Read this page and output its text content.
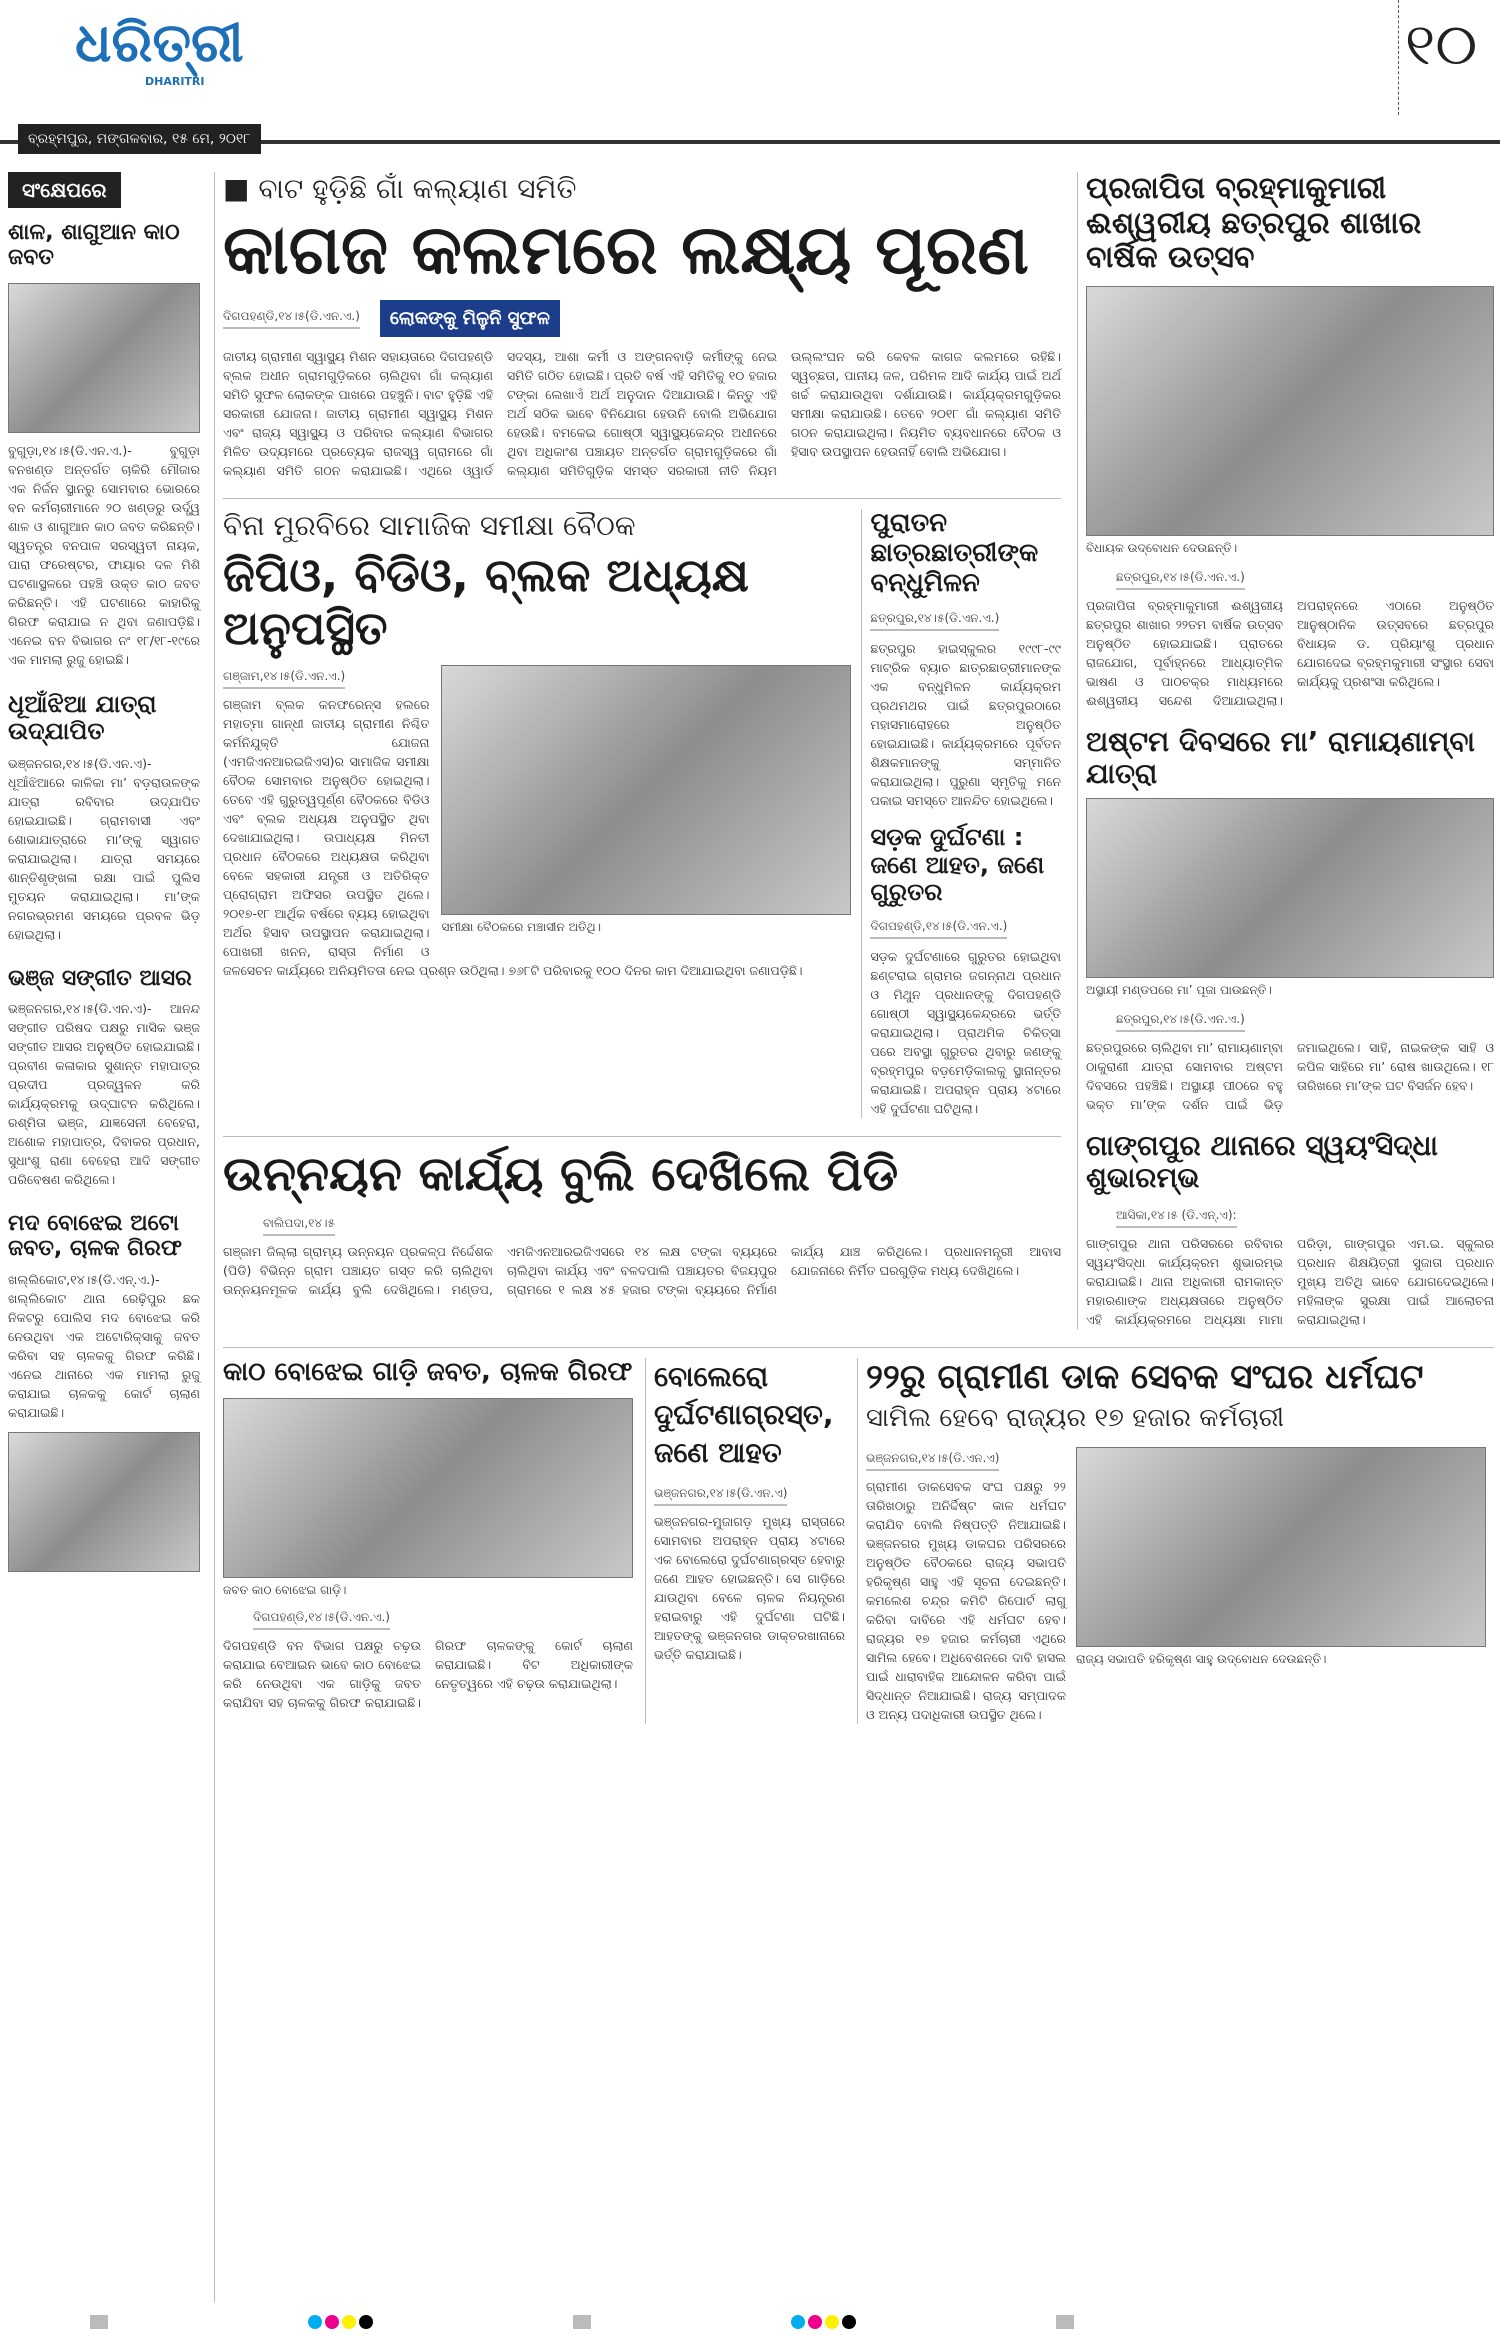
ଧରିତ୍ରୀ
DHARITRI
ବ୍ରହ୍ମପୁର, ମଙ୍ଗଳବାର, ୧୫ ମେ, ୨୦୧୮
୧୦
ସଂକ୍ଷେପରେ
ଶାଳ, ଶାଗୁଆନ କାଠ ଜବତ
ବୁଗୁଡ଼ା,୧୪।୫(ଡି.ଏନ.ଏ.)- ବୁଗୁଡ଼ା ବନଖଣ୍ଡ ଅନ୍ତର୍ଗତ ଚାକିରି ମୌଜାର ଏକ ନିର୍ଜନ ସ୍ଥାନରୁ ସୋମବାର ଭୋରରେ ବନ କର୍ମଚାରୀମାନେ ୨୦ ଖଣ୍ଡରୁ ଉର୍ଦ୍ଧ୍ୱ ଶାଳ ଓ ଶାଗୁଆନ କାଠ ଜବତ କରିଛନ୍ତି। ସ୍ୱତନ୍ତ୍ର ବନପାଳ ସରସ୍ୱତୀ ନାୟକ, ପାରା ଫରେଷ୍ଟର, ଫାୟାର ଦଳ ମିଶି ଘଟଣାସ୍ଥଳରେ ପହଞ୍ଚି ଉକ୍ତ କାଠ ଜବତ କରିଛନ୍ତି। ଏହି ଘଟଣାରେ କାହାରିକୁ ଗିରଫ କରାଯାଇ ନ ଥିବା ଜଣାପଡ଼ିଛି। ଏନେଇ ବନ ବିଭାଗର ନଂ ୧୮/୧୮-୧୯ରେ ଏକ ମାମଲା ରୁଜୁ ହୋଇଛି।
ଧୂଆଁଝିଆ ଯାତ୍ରା ଉଦ୍‌ଯାପିତ
ଭଞ୍ଜନଗର,୧୪।୫(ଡି.ଏନ.ଏ)- ଧୂଆଁଝିଆରେ କାଳିକା ମା’ ବଡ଼ରାଉଳଙ୍କ ଯାତ୍ରା ରବିବାର ଉଦ୍‌ଯାପିତ ହୋଇଯାଇଛି। ଗ୍ରାମବାସୀ ଏବଂ ଶୋଭାଯାତ୍ରାରେ ମା’ଙ୍କୁ ସ୍ୱାଗତ କରାଯାଇଥିଲା। ଯାତ୍ରା ସମୟରେ ଶାନ୍ତିଶୃଙ୍ଖଳା ରକ୍ଷା ପାଇଁ ପୁଲିସ ମୁତୟନ କରାଯାଇଥିଲା। ମା’ଙ୍କ ନଗରଭ୍ରମଣ ସମୟରେ ପ୍ରବଳ ଭିଡ଼ ହୋଇଥିଲା।
ଭଞ୍ଜ ସଙ୍ଗୀତ ଆସର
ଭଞ୍ଜନଗର,୧୪।୫(ଡି.ଏନ.ଏ)- ଆନନ୍ଦ ସଙ୍ଗୀତ ପରିଷଦ ପକ୍ଷରୁ ମାସିକ ଭଞ୍ଜ ସଙ୍ଗୀତ ଆସର ଅନୁଷ୍ଠିତ ହୋଇଯାଇଛି। ପ୍ରବୀଣ କଳାକାର ସୁଶାନ୍ତ ମହାପାତ୍ର ପ୍ରଦୀପ ପ୍ରଜ୍ୱଳନ କରି କାର୍ଯ୍ୟକ୍ରମକୁ ଉଦ୍‌ଘାଟନ କରିଥିଲେ। ରଶ୍ମିତା ଭଞ୍ଜ, ଯାଜ୍ଞସେନୀ ବେହେରା, ଅଶୋକ ମହାପାତ୍ର, ଦିବାକର ପ୍ରଧାନ, ସୁଧାଂଶୁ ରାଣା ବେହେରା ଆଦି ସଙ୍ଗୀତ ପରିବେଷଣ କରିଥିଲେ।
ମଦ ବୋଝେଇ ଅଟୋ ଜବତ, ଚାଳକ ଗିରଫ
ଖଲ୍ଲିକୋଟ,୧୪।୫(ଡି.ଏନ୍.ଏ.)- ଖଲ୍ଲିକୋଟ ଥାନା ରେଢ଼ିପୁର ଛକ ନିକଟରୁ ପୋଲିସ ମଦ ବୋଝେଇ କରି ନେଉଥିବା ଏକ ଅଟୋରିକ୍ସାକୁ ଜବତ କରିବା ସହ ଚାଳକକୁ ଗିରଫ କରିଛି। ଏନେଇ ଥାନାରେ ଏକ ମାମଲା ରୁଜୁ କରାଯାଇ ଚାଳକକୁ କୋର୍ଟ ଚାଲାଣ କରାଯାଇଛି।
■ ବାଟ ହୁଡ଼ିଛି ଗାଁ କଲ୍ୟାଣ ସମିତି
କାଗଜ କଲମରେ ଲକ୍ଷ୍ୟ ପୂରଣ
ଦିଗପହଣ୍ଡି,୧୪।୫(ଡି.ଏନ.ଏ.)	ଲୋକଙ୍କୁ ମିଳୁନି ସୁଫଳ
ଜାତୀୟ ଗ୍ରାମୀଣ ସ୍ୱାସ୍ଥ୍ୟ ମିଶନ ସହାୟତାରେ ଦିଗପହଣ୍ଡି ବ୍ଲକ ଅଧୀନ ଗ୍ରାମଗୁଡ଼ିକରେ ଚାଲିଥିବା ଗାଁ କଲ୍ୟାଣ ସମିତି ସୁଫଳ ଲୋକଙ୍କ ପାଖରେ ପହଞ୍ଚୁନି। ବାଟ ହୁଡ଼ିଛି ଏହି ସରକାରୀ ଯୋଜନା। ଜାତୀୟ ଗ୍ରାମୀଣ ସ୍ୱାସ୍ଥ୍ୟ ମିଶନ ଏବଂ ରାଜ୍ୟ ସ୍ୱାସ୍ଥ୍ୟ ଓ ପରିବାର କଲ୍ୟାଣ ବିଭାଗର ମିଳିତ ଉଦ୍ୟମରେ ପ୍ରତ୍ୟେକ ରାଜସ୍ୱ ଗ୍ରାମରେ ଗାଁ କଲ୍ୟାଣ ସମିତି ଗଠନ କରାଯାଇଛି। ଏଥିରେ ଓ୍ୱାର୍ଡ ସଦସ୍ୟ, ଆଶା କର୍ମୀ ଓ ଅଙ୍ଗନବାଡ଼ି କର୍ମୀଙ୍କୁ ନେଇ ସମିତି ଗଠିତ ହୋଇଛି। ପ୍ରତି ବର୍ଷ ଏହି ସମିତିକୁ ୧୦ ହଜାର ଟଙ୍କା ଲେଖାଏଁ ଅର୍ଥ ଅନୁଦାନ ଦିଆଯାଉଛି। କିନ୍ତୁ ଏହି ଅର୍ଥ ସଠିକ ଭାବେ ବିନିଯୋଗ ହେଉନି ବୋଲି ଅଭିଯୋଗ ହେଉଛି। ବମକେଇ ଗୋଷ୍ଠୀ ସ୍ୱାସ୍ଥ୍ୟକେନ୍ଦ୍ର ଅଧୀନରେ ଥିବା ଅଧିକାଂଶ ପଞ୍ଚାୟତ ଅନ୍ତର୍ଗତ ଗ୍ରାମଗୁଡ଼ିକରେ ଗାଁ କଲ୍ୟାଣ ସମିତିଗୁଡ଼ିକ ସମସ୍ତ ସରକାରୀ ନୀତି ନିୟମ ଉଲ୍ଲଂଘନ କରି କେବଳ କାଗଜ କଲମରେ ରହିଛି। ସ୍ୱଚ୍ଛତା, ପାନୀୟ ଜଳ, ପରିମଳ ଆଦି କାର୍ଯ୍ୟ ପାଇଁ ଅର୍ଥ ଖର୍ଚ୍ଚ କରାଯାଉଥିବା ଦର୍ଶାଯାଉଛି। କାର୍ଯ୍ୟକ୍ରମଗୁଡ଼ିକର ସମୀକ୍ଷା କରାଯାଉଛି। ତେବେ ୨୦୧୮ ଗାଁ କଲ୍ୟାଣ ସମିତି ଗଠନ କରାଯାଇଥିଲା। ନିୟମିତ ବ୍ୟବଧାନରେ ବୈଠକ ଓ ହିସାବ ଉପସ୍ଥାପନ ହେଉନାହିଁ ବୋଲି ଅଭିଯୋଗ।
ବିନା ମୁରବିରେ ସାମାଜିକ ସମୀକ୍ଷା ବୈଠକ
ଜିପିଓ, ବିଡିଓ, ବ୍ଲକ ଅଧ୍ୟକ୍ଷ ଅନୁପସ୍ଥିତ
ସମୀକ୍ଷା ବୈଠକରେ ମଞ୍ଚାସୀନ ଅତିଥି।
ଗଞ୍ଜାମ,୧୪।୫(ଡି.ଏନ.ଏ.)
ଗଞ୍ଜାମ ବ୍ଲକ କନଫରେନ୍ସ ହଲରେ ମହାତ୍ମା ଗାନ୍ଧୀ ଜାତୀୟ ଗ୍ରାମୀଣ ନିଶ୍ଚିତ କର୍ମନିଯୁକ୍ତି ଯୋଜନା (ଏମଜିଏନଆରଇଜିଏସ)ର ସାମାଜିକ ସମୀକ୍ଷା ବୈଠକ ସୋମବାର ଅନୁଷ୍ଠିତ ହୋଇଥିଲା। ତେବେ ଏହି ଗୁରୁତ୍ୱପୂର୍ଣ୍ଣ ବୈଠକରେ ବିଡିଓ ଏବଂ ବ୍ଲକ ଅଧ୍ୟକ୍ଷ ଅନୁପସ୍ଥିତ ଥିବା ଦେଖାଯାଇଥିଲା। ଉପାଧ୍ୟକ୍ଷ ମିନତୀ ପ୍ରଧାନ ବୈଠକରେ ଅଧ୍ୟକ୍ଷତା କରିଥିବା ବେଳେ ସହକାରୀ ଯନ୍ତ୍ରୀ ଓ ଅତିରିକ୍ତ ପ୍ରୋଗ୍ରାମ ଅଫିସର ଉପସ୍ଥିତ ଥିଲେ। ୨୦୧୭-୧୮ ଆର୍ଥିକ ବର୍ଷରେ ବ୍ୟୟ ହୋଇଥିବା ଅର୍ଥର ହିସାବ ଉପସ୍ଥାପନ କରାଯାଇଥିଲା। ପୋଖରୀ ଖନନ, ରାସ୍ତା ନିର୍ମାଣ ଓ ଜଳସେଚନ କାର୍ଯ୍ୟରେ ଅନିୟମିତତା ନେଇ ପ୍ରଶ୍ନ ଉଠିଥିଲା। ୭୬୮ଟି ପରିବାରକୁ ୧୦୦ ଦିନର କାମ ଦିଆଯାଇଥିବା ଜଣାପଡ଼ିଛି।
ପୁରାତନ ଛାତ୍ରଛାତ୍ରୀଙ୍କ ବନ୍ଧୁମିଳନ
ଛତ୍ରପୁର,୧୪।୫(ଡି.ଏନ.ଏ.)
ଛତ୍ରପୁର ହାଇସ୍କୁଲର ୧୯୯୮-୯୯ ମାଟ୍ରିକ ବ୍ୟାଚ ଛାତ୍ରଛାତ୍ରୀମାନଙ୍କ ଏକ ବନ୍ଧୁମିଳନ କାର୍ଯ୍ୟକ୍ରମ ପ୍ରଥମଥର ପାଇଁ ଛତ୍ରପୁରଠାରେ ମହାସମାରୋହରେ ଅନୁଷ୍ଠିତ ହୋଇଯାଇଛି। କାର୍ଯ୍ୟକ୍ରମରେ ପୂର୍ବତନ ଶିକ୍ଷକମାନଙ୍କୁ ସମ୍ମାନିତ କରାଯାଇଥିଲା। ପୁରୁଣା ସ୍ମୃତିକୁ ମନେ ପକାଇ ସମସ୍ତେ ଆନନ୍ଦିତ ହୋଇଥିଲେ।
ସଡ଼କ ଦୁର୍ଘଟଣା : ଜଣେ ଆହତ, ଜଣେ ଗୁରୁତର
ଦିଗପହଣ୍ଡି,୧୪।୫(ଡି.ଏନ.ଏ.)
ସଡ଼କ ଦୁର୍ଘଟଣାରେ ଗୁରୁତର ହୋଇଥିବା ଛଣ୍ଟରାଇ ଗ୍ରାମର ଜଗନ୍ନାଥ ପ୍ରଧାନ ଓ ମିଥୁନ ପ୍ରଧାନଙ୍କୁ ଦିଗପହଣ୍ଡି ଗୋଷ୍ଠୀ ସ୍ୱାସ୍ଥ୍ୟକେନ୍ଦ୍ରରେ ଭର୍ତ୍ତି କରାଯାଇଥିଲା। ପ୍ରାଥମିକ ଚିକିତ୍ସା ପରେ ଅବସ୍ଥା ଗୁରୁତର ଥିବାରୁ ଜଣଙ୍କୁ ବ୍ରହ୍ମପୁର ବଡ଼ମେଡ଼ିକାଲକୁ ସ୍ଥାନାନ୍ତର କରାଯାଇଛି। ଅପରାହ୍ନ ପ୍ରାୟ ୪ଟାରେ ଏହି ଦୁର୍ଘଟଣା ଘଟିଥିଲା।
ଉନ୍ନୟନ କାର୍ଯ୍ୟ ବୁଲି ଦେଖିଲେ ପିଡି
ବାଲିପଦା,୧୪।୫
ଗଞ୍ଜାମ ଜିଲ୍ଲା ଗ୍ରାମ୍ୟ ଉନ୍ନୟନ ପ୍ରକଳ୍ପ ନିର୍ଦ୍ଦେଶକ (ପିଡି) ବିଭିନ୍ନ ଗ୍ରାମ ପଞ୍ଚାୟତ ଗସ୍ତ କରି ଚାଲିଥିବା ଉନ୍ନୟନମୂଳକ କାର୍ଯ୍ୟ ବୁଲି ଦେଖିଥିଲେ। ମଣ୍ଡପ, ଏମଜିଏନଆରଇଜିଏସରେ ୧୪ ଲକ୍ଷ ଟଙ୍କା ବ୍ୟୟରେ ଚାଲିଥିବା କାର୍ଯ୍ୟ ଏବଂ ବଳଦପାଲି ପଞ୍ଚାୟତର ବିଜୟପୁର ଗ୍ରାମରେ ୧ ଲକ୍ଷ ୪୫ ହଜାର ଟଙ୍କା ବ୍ୟୟରେ ନିର୍ମାଣ କାର୍ଯ୍ୟ ଯାଞ୍ଚ କରିଥିଲେ। ପ୍ରଧାନମନ୍ତ୍ରୀ ଆବାସ ଯୋଜନାରେ ନିର୍ମିତ ଘରଗୁଡ଼ିକ ମଧ୍ୟ ଦେଖିଥିଲେ।
ପ୍ରଜାପିତା ବ୍ରହ୍ମାକୁମାରୀ ଈଶ୍ୱରୀୟ ଛତ୍ରପୁର ଶାଖାର ବାର୍ଷିକ ଉତ୍ସବ
ବିଧାୟକ ଉଦ୍‌ବୋଧନ ଦେଉଛନ୍ତି।
ଛତ୍ରପୁର,୧୪।୫(ଡି.ଏନ.ଏ.)
ପ୍ରଜାପିତା ବ୍ରହ୍ମାକୁମାରୀ ଈଶ୍ୱରୀୟ ଛତ୍ରପୁର ଶାଖାର ୨୨ତମ ବାର୍ଷିକ ଉତ୍ସବ ଅନୁଷ୍ଠିତ ହୋଇଯାଇଛି। ପ୍ରାତରେ ରାଜଯୋଗ, ପୂର୍ବାହ୍ନରେ ଆଧ୍ୟାତ୍ମିକ ଭାଷଣ ଓ ପାଠଚକ୍ର ମାଧ୍ୟମରେ ଈଶ୍ୱରୀୟ ସନ୍ଦେଶ ଦିଆଯାଇଥିଲା। ଅପରାହ୍ନରେ ଏଠାରେ ଅନୁଷ୍ଠିତ ଆନୁଷ୍ଠାନିକ ଉତ୍ସବରେ ଛତ୍ରପୁର ବିଧାୟକ ଡ. ପ୍ରିୟାଂଶୁ ପ୍ରଧାନ ଯୋଗଦେଇ ବ୍ରହ୍ମକୁମାରୀ ସଂସ୍ଥାର ସେବା କାର୍ଯ୍ୟକୁ ପ୍ରଶଂସା କରିଥିଲେ।
ଅଷ୍ଟମ ଦିବସରେ ମା’ ରାମାୟଣାମ୍ବା ଯାତ୍ରା
ଅସ୍ଥାୟୀ ମଣ୍ଡପରେ ମା’ ପୂଜା ପାଉଛନ୍ତି।
ଛତ୍ରପୁର,୧୪।୫(ଡି.ଏନ.ଏ.)
ଛତ୍ରପୁରରେ ଚାଲିଥିବା ମା’ ରାମାୟଣାମ୍ବା ଠାକୁରାଣୀ ଯାତ୍ରା ସୋମବାର ଅଷ୍ଟମ ଦିବସରେ ପହଞ୍ଚିଛି। ଅସ୍ଥାୟୀ ପୀଠରେ ବହୁ ଭକ୍ତ ମା’ଙ୍କ ଦର୍ଶନ ପାଇଁ ଭିଡ଼ ଜମାଇଥିଲେ। ସାହି, ନାଇକଙ୍କ ସାହି ଓ କପିଳ ସାହିରେ ମା’ ରୋଷ ଖାଉଥିଲେ। ୧୮ ତାରିଖରେ ମା’ଙ୍କ ଘଟ ବିସର୍ଜନ ହେବ।
ଗାଙ୍ଗପୁର ଥାନାରେ ସ୍ୱୟଂସିଦ୍ଧା ଶୁଭାରମ୍ଭ
ଆସିକା,୧୪।୫ (ଡି.ଏନ୍.ଏ):
ଗାଙ୍ଗପୁର ଥାନା ପରିସରରେ ରବିବାର ସ୍ୱୟଂସିଦ୍ଧା କାର୍ଯ୍ୟକ୍ରମ ଶୁଭାରମ୍ଭ କରାଯାଇଛି। ଥାନା ଅଧିକାରୀ ରାମକାନ୍ତ ମହାରଣାଙ୍କ ଅଧ୍ୟକ୍ଷତାରେ ଅନୁଷ୍ଠିତ ଏହି କାର୍ଯ୍ୟକ୍ରମରେ ଅଧ୍ୟକ୍ଷା ମାମା ପରିଡ଼ା, ଗାଙ୍ଗପୁର ଏମ.ଇ. ସ୍କୁଲର ପ୍ରଧାନ ଶିକ୍ଷୟିତ୍ରୀ ସୁଜାତା ପ୍ରଧାନ ମୁଖ୍ୟ ଅତିଥି ଭାବେ ଯୋଗଦେଇଥିଲେ। ମହିଳାଙ୍କ ସୁରକ୍ଷା ପାଇଁ ଆଲୋଚନା କରାଯାଇଥିଲା।
କାଠ ବୋଝେଇ ଗାଡ଼ି ଜବତ, ଚାଳକ ଗିରଫ
ଜବତ କାଠ ବୋଝେଇ ଗାଡ଼ି।
ଦିଗପହଣ୍ଡି,୧୪।୫(ଡି.ଏନ.ଏ.)
ଦିଗପହଣ୍ଡି ବନ ବିଭାଗ ପକ୍ଷରୁ ଚଢ଼ଉ କରାଯାଇ ବେଆଇନ ଭାବେ କାଠ ବୋଝେଇ କରି ନେଉଥିବା ଏକ ଗାଡ଼ିକୁ ଜବତ କରାଯିବା ସହ ଚାଳକକୁ ଗିରଫ କରାଯାଇଛି। ଗିରଫ ଚାଳକଙ୍କୁ କୋର୍ଟ ଚାଲାଣ କରାଯାଇଛି। ବିଟ ଅଧିକାରୀଙ୍କ ନେତୃତ୍ୱରେ ଏହି ଚଢ଼ଉ କରାଯାଇଥିଲା।
ବୋଲେରୋ ଦୁର୍ଘଟଣାଗ୍ରସ୍ତ, ଜଣେ ଆହତ
ଭଞ୍ଜନଗର,୧୪।୫(ଡି.ଏନ.ଏ)
ଭଞ୍ଜନଗର-ମୁଜାଗଡ଼ ମୁଖ୍ୟ ରାସ୍ତାରେ ସୋମବାର ଅପରାହ୍ନ ପ୍ରାୟ ୪ଟାରେ ଏକ ବୋଲେରୋ ଦୁର୍ଘଟଣାଗ୍ରସ୍ତ ହେବାରୁ ଜଣେ ଆହତ ହୋଇଛନ୍ତି। ସେ ଗାଡ଼ିରେ ଯାଉଥିବା ବେଳେ ଚାଳକ ନିୟନ୍ତ୍ରଣ ହରାଇବାରୁ ଏହି ଦୁର୍ଘଟଣା ଘଟିଛି। ଆହତଙ୍କୁ ଭଞ୍ଜନଗର ଡାକ୍ତରଖାନାରେ ଭର୍ତ୍ତି କରାଯାଇଛି।
୨୨ରୁ ଗ୍ରାମୀଣ ଡାକ ସେବକ ସଂଘର ଧର୍ମଘଟ
ସାମିଲ ହେବେ ରାଜ୍ୟର ୧୭ ହଜାର କର୍ମଚାରୀ
ଭଞ୍ଜନଗର,୧୪।୫(ଡି.ଏନ.ଏ)
ଗ୍ରାମୀଣ ଡାକସେବକ ସଂଘ ପକ୍ଷରୁ ୨୨ ତାରିଖଠାରୁ ଅନିର୍ଦ୍ଦିଷ୍ଟ କାଳ ଧର୍ମଘଟ କରାଯିବ ବୋଲି ନିଷ୍ପତ୍ତି ନିଆଯାଇଛି। ଭଞ୍ଜନଗର ମୁଖ୍ୟ ଡାକଘର ପରିସରରେ ଅନୁଷ୍ଠିତ ବୈଠକରେ ରାଜ୍ୟ ସଭାପତି ହରିକୃଷ୍ଣ ସାହୁ ଏହି ସୂଚନା ଦେଇଛନ୍ତି। କମଲେଶ ଚନ୍ଦ୍ର କମିଟି ରିପୋର୍ଟ ଲାଗୁ କରିବା ଦାବିରେ ଏହି ଧର୍ମଘଟ ହେବ। ରାଜ୍ୟର ୧୭ ହଜାର କର୍ମଚାରୀ ଏଥିରେ ସାମିଲ ହେବେ। ଅଧିବେଶନରେ ଦାବି ହାସଲ ପାଇଁ ଧାରାବାହିକ ଆନ୍ଦୋଳନ କରିବା ପାଇଁ ସିଦ୍ଧାନ୍ତ ନିଆଯାଇଛି। ରାଜ୍ୟ ସମ୍ପାଦକ ଓ ଅନ୍ୟ ପଦାଧିକାରୀ ଉପସ୍ଥିତ ଥିଲେ।
ରାଜ୍ୟ ସଭାପତି ହରିକୃଷ୍ଣ ସାହୁ ଉଦ୍‌ବୋଧନ ଦେଉଛନ୍ତି।
